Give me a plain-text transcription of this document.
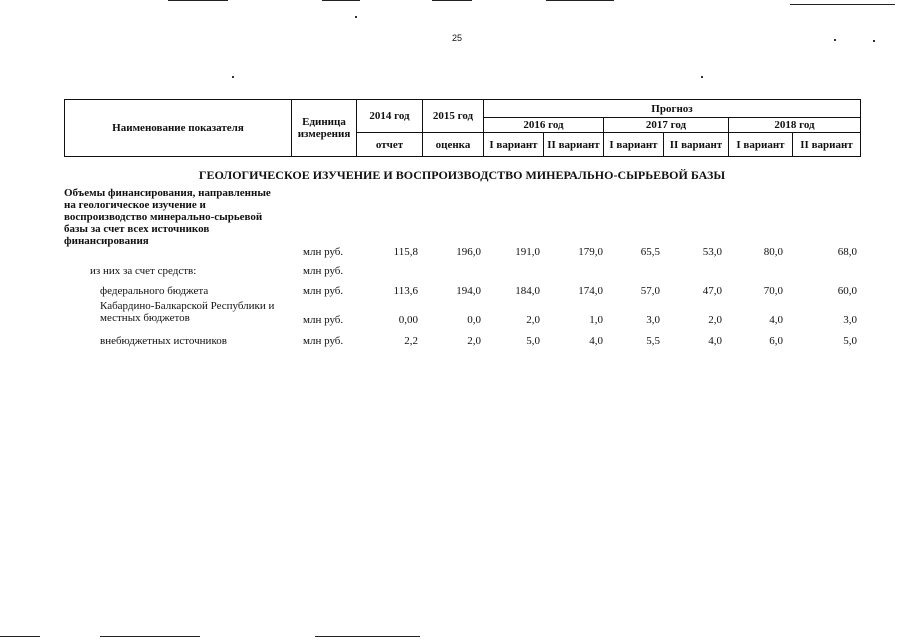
25
Наименование показателя	Единица измерения	2014 год	2015 год	Прогноз					
				2016 год		2017 год		2018 год	
		отчет	оценка	I вариант	II вариант	I вариант	II вариант	I вариант	II вариант
ГЕОЛОГИЧЕСКОЕ ИЗУЧЕНИЕ И ВОСПРОИЗВОДСТВО МИНЕРАЛЬНО-СЫРЬЕВОЙ БАЗЫ
Объемы финансирования, направленные
на геологическое изучение и
воспроизводство минерально-сырьевой
базы за счет всех источников
финансирования
млн руб.	115,8	196,0	191,0	179,0	65,5	53,0	80,0	68,0
из них за счет средств:	млн руб.
федерального бюджета	млн руб.	113,6	194,0	184,0	174,0	57,0	47,0	70,0	60,0
Кабардино-Балкарской Республики и
местных бюджетов	млн руб.	0,00	0,0	2,0	1,0	3,0	2,0	4,0	3,0
внебюджетных источников	млн руб.	2,2	2,0	5,0	4,0	5,5	4,0	6,0	5,0
